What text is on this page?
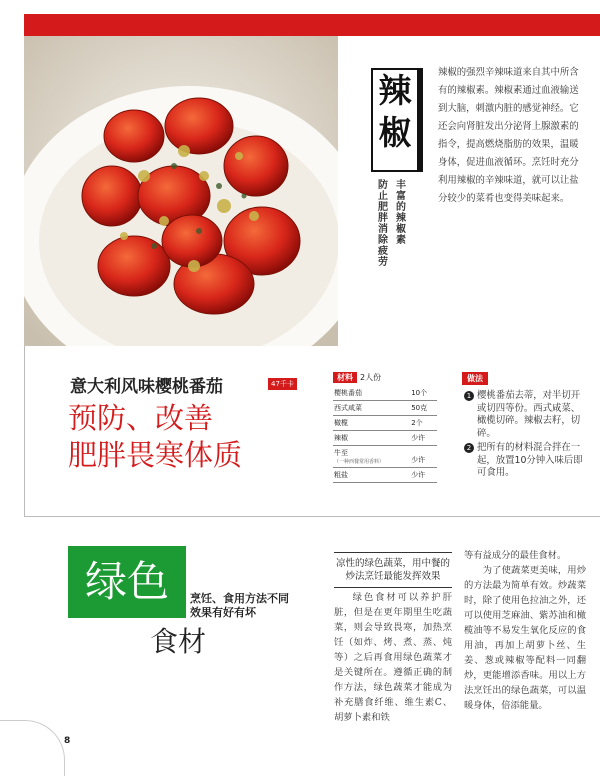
辣
椒
丰富的辣椒素
防止肥胖 消除疲劳
辣椒的强烈辛辣味道来自其中所含有的辣椒素。辣椒素通过血液输送到大脑，刺激内脏的感觉神经。它还会向肾脏发出分泌肾上腺激素的指令，提高燃烧脂肪的效果，温暖身体，促进血液循环。烹饪时充分利用辣椒的辛辣味道，就可以让盐分较少的菜肴也变得美味起来。
意大利风味樱桃番茄	47千卡
预防、改善
肥胖畏寒体质
材料 2人份
樱桃番茄	10个
西式咸菜	50克
橄榄	2个
辣椒	少许
牛至
（一种西餐常用香料）	少许
粗盐	少许
做法
1 樱桃番茄去蒂，对半切开或切四等份。西式咸菜、橄榄切碎。辣椒去籽，切碎。
2 把所有的材料混合拌在一起，放置10分钟入味后即可食用。
绿色	烹饪、食用方法不同
效果有好有坏
食材
凉性的绿色蔬菜，用中餐的炒法烹饪最能发挥效果
绿色食材可以养护肝脏，但是在更年期里生吃蔬菜，则会导致畏寒，加热烹饪（如炸、烤、煮、蒸、炖等）之后再食用绿色蔬菜才是关键所在。遵循正确的制作方法，绿色蔬菜才能成为补充膳食纤维、维生素C、胡萝卜素和铁
等有益成分的最佳食材。
　　为了使蔬菜更美味，用炒的方法最为简单有效。炒蔬菜时，除了使用色拉油之外，还可以使用芝麻油、紫苏油和橄榄油等不易发生氧化反应的食用油，再加上胡萝卜丝、生姜、葱或辣椒等配料一同翻炒，更能增添香味。用以上方法烹饪出的绿色蔬菜，可以温暖身体，倍添能量。
8
